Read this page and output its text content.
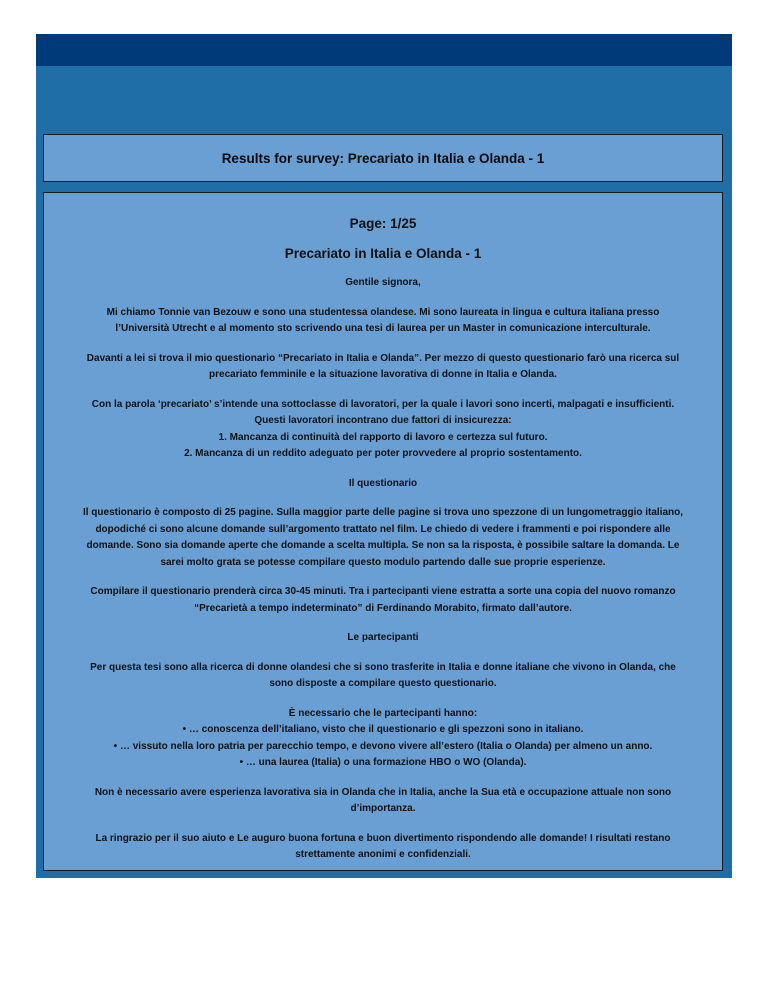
Results for survey: Precariato in Italia e Olanda - 1
Page: 1/25
Precariato in Italia e Olanda - 1

Gentile signora,

Mi chiamo Tonnie van Bezouw e sono una studentessa olandese. Mi sono laureata in lingua e cultura italiana presso
l’Università Utrecht e al momento sto scrivendo una tesi di laurea per un Master in comunicazione interculturale.

Davanti a lei si trova il mio questionario “Precariato in Italia e Olanda”. Per mezzo di questo questionario farò una ricerca sul
precariato femminile e la situazione lavorativa di donne in Italia e Olanda.

Con la parola ‘precariato’ s’intende una sottoclasse di lavoratori, per la quale i lavori sono incerti, malpagati e insufficienti.
Questi lavoratori incontrano due fattori di insicurezza:
1. Mancanza di continuità del rapporto di lavoro e certezza sul futuro.
2. Mancanza di un reddito adeguato per poter provvedere al proprio sostentamento.

Il questionario

Il questionario è composto di 25 pagine. Sulla maggior parte delle pagine si trova uno spezzone di un lungometraggio italiano,
dopodiché ci sono alcune domande sull’argomento trattato nel film. Le chiedo di vedere i frammenti e poi rispondere alle
domande. Sono sia domande aperte che domande a scelta multipla. Se non sa la risposta, è possibile saltare la domanda. Le
sarei molto grata se potesse compilare questo modulo partendo dalle sue proprie esperienze.

Compilare il questionario prenderà circa 30-45 minuti. Tra i partecipanti viene estratta a sorte una copia del nuovo romanzo
“Precarietà a tempo indeterminato” di Ferdinando Morabito, firmato dall’autore.

Le partecipanti

Per questa tesi sono alla ricerca di donne olandesi che si sono trasferite in Italia e donne italiane che vivono in Olanda, che
sono disposte a compilare questo questionario.

È necessario che le partecipanti hanno:
• … conoscenza dell’italiano, visto che il questionario e gli spezzoni sono in italiano.
• … vissuto nella loro patria per parecchio tempo, e devono vivere all’estero (Italia o Olanda) per almeno un anno.
• … una laurea (Italia) o una formazione HBO o WO (Olanda).

Non è necessario avere esperienza lavorativa sia in Olanda che in Italia, anche la Sua età e occupazione attuale non sono
d’importanza.

La ringrazio per il suo aiuto e Le auguro buona fortuna e buon divertimento rispondendo alle domande! I risultati restano
strettamente anonimi e confidenziali.
